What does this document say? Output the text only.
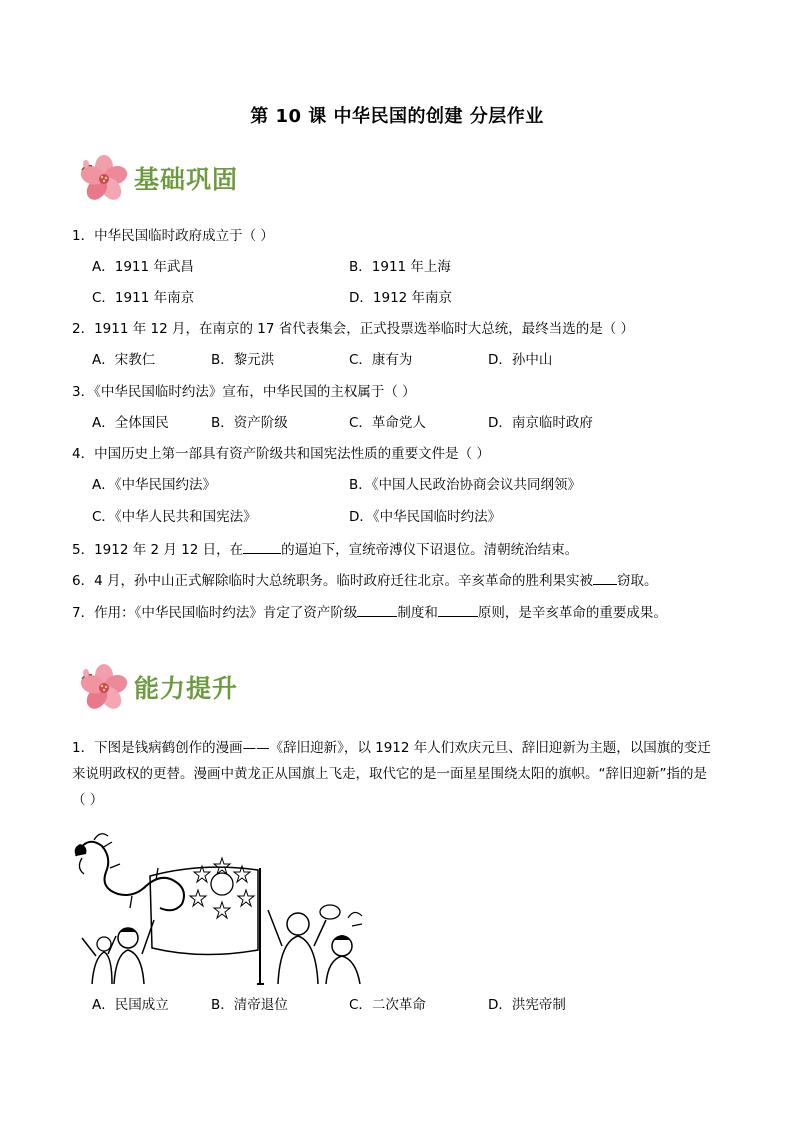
第 10 课 中华民国的创建 分层作业
基础巩固
1．中华民国临时政府成立于（ ）
A．1911 年武昌	B．1911 年上海
C．1911 年南京	D．1912 年南京
2．1911 年 12 月，在南京的 17 省代表集会，正式投票选举临时大总统，最终当选的是（ ）
A．宋教仁	B．黎元洪	C．康有为	D．孙中山
3．《中华民国临时约法》宣布，中华民国的主权属于（ ）
A．全体国民	B．资产阶级	C．革命党人	D．南京临时政府
4．中国历史上第一部具有资产阶级共和国宪法性质的重要文件是（ ）
A．《中华民国约法》	B．《中国人民政治协商会议共同纲领》
C．《中华人民共和国宪法》	D．《中华民国临时约法》
5．1912 年 2 月 12 日，在	的逼迫下，宣统帝溥仪下诏退位。清朝统治结束。
6．4 月，孙中山正式解除临时大总统职务。临时政府迁往北京。辛亥革命的胜利果实被 窃取。
7．作用：《中华民国临时约法》肯定了资产阶级	制度和	原则，是辛亥革命的重要成果。
能力提升
1．下图是钱病鹤创作的漫画——《辞旧迎新》，以 1912 年人们欢庆元旦、辞旧迎新为主题，以国旗的变迁来说明政权的更替。漫画中黄龙正从国旗上飞走，取代它的是一面星星围绕太阳的旗帜。“辞旧迎新”指的是（ ）
A．民国成立	B．清帝退位	C．二次革命	D．洪宪帝制
